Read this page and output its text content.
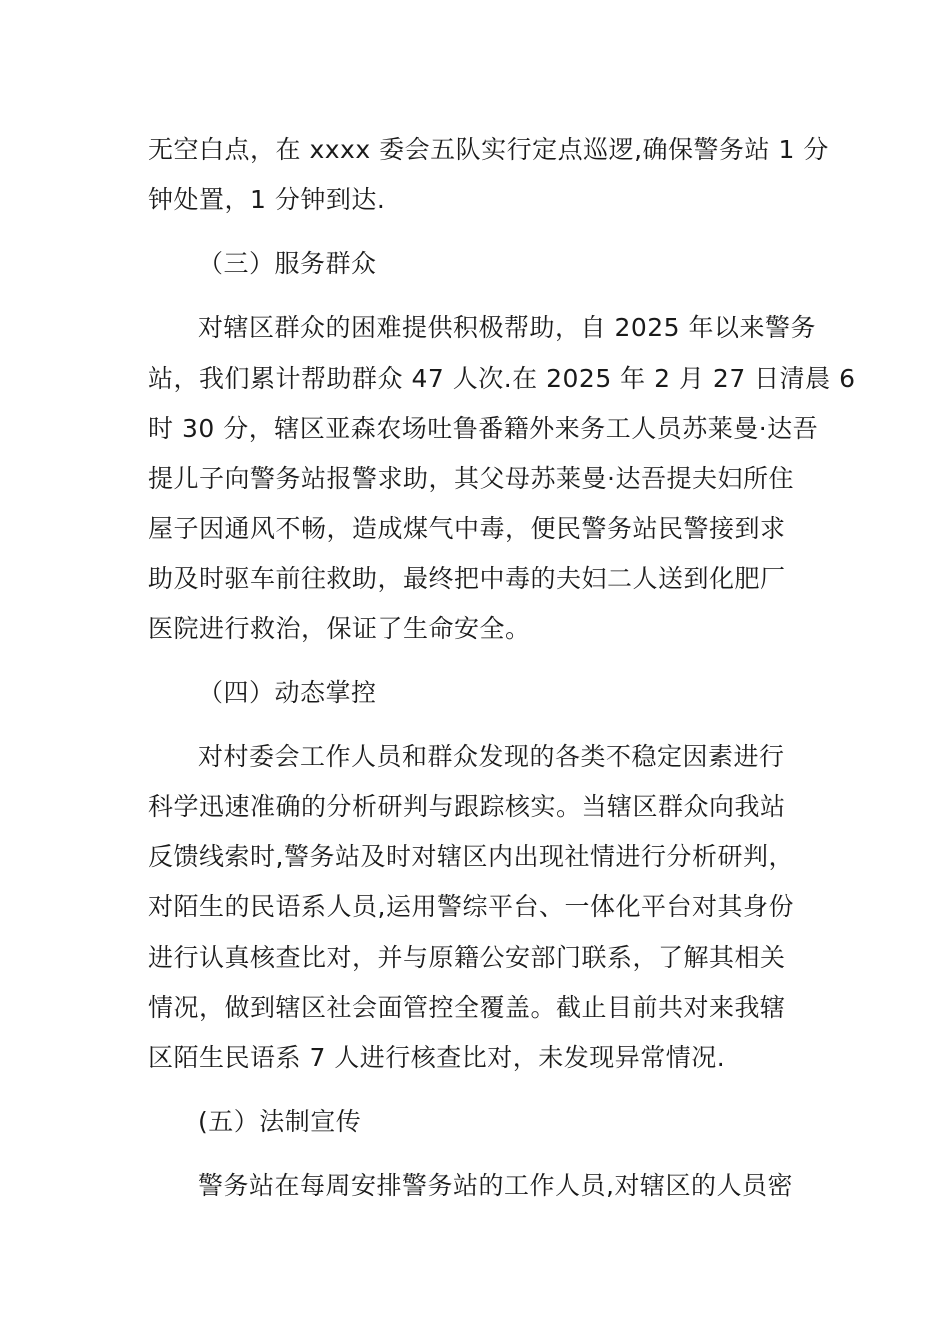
无空白点，在 xxxx 委会五队实行定点巡逻,确保警务站 1 分
钟处置，1 分钟到达.
（三）服务群众
对辖区群众的困难提供积极帮助，自 2025 年以来警务
站，我们累计帮助群众 47 人次.在 2025 年 2 月 27 日清晨 6
时 30 分，辖区亚森农场吐鲁番籍外来务工人员苏莱曼·达吾
提儿子向警务站报警求助，其父母苏莱曼·达吾提夫妇所住
屋子因通风不畅，造成煤气中毒，便民警务站民警接到求
助及时驱车前往救助，最终把中毒的夫妇二人送到化肥厂
医院进行救治，保证了生命安全。
（四）动态掌控
对村委会工作人员和群众发现的各类不稳定因素进行
科学迅速准确的分析研判与跟踪核实。当辖区群众向我站
反馈线索时,警务站及时对辖区内出现社情进行分析研判，
对陌生的民语系人员,运用警综平台、一体化平台对其身份
进行认真核查比对，并与原籍公安部门联系，了解其相关
情况，做到辖区社会面管控全覆盖。截止目前共对来我辖
区陌生民语系 7 人进行核查比对，未发现异常情况.
(五）法制宣传
警务站在每周安排警务站的工作人员,对辖区的人员密
